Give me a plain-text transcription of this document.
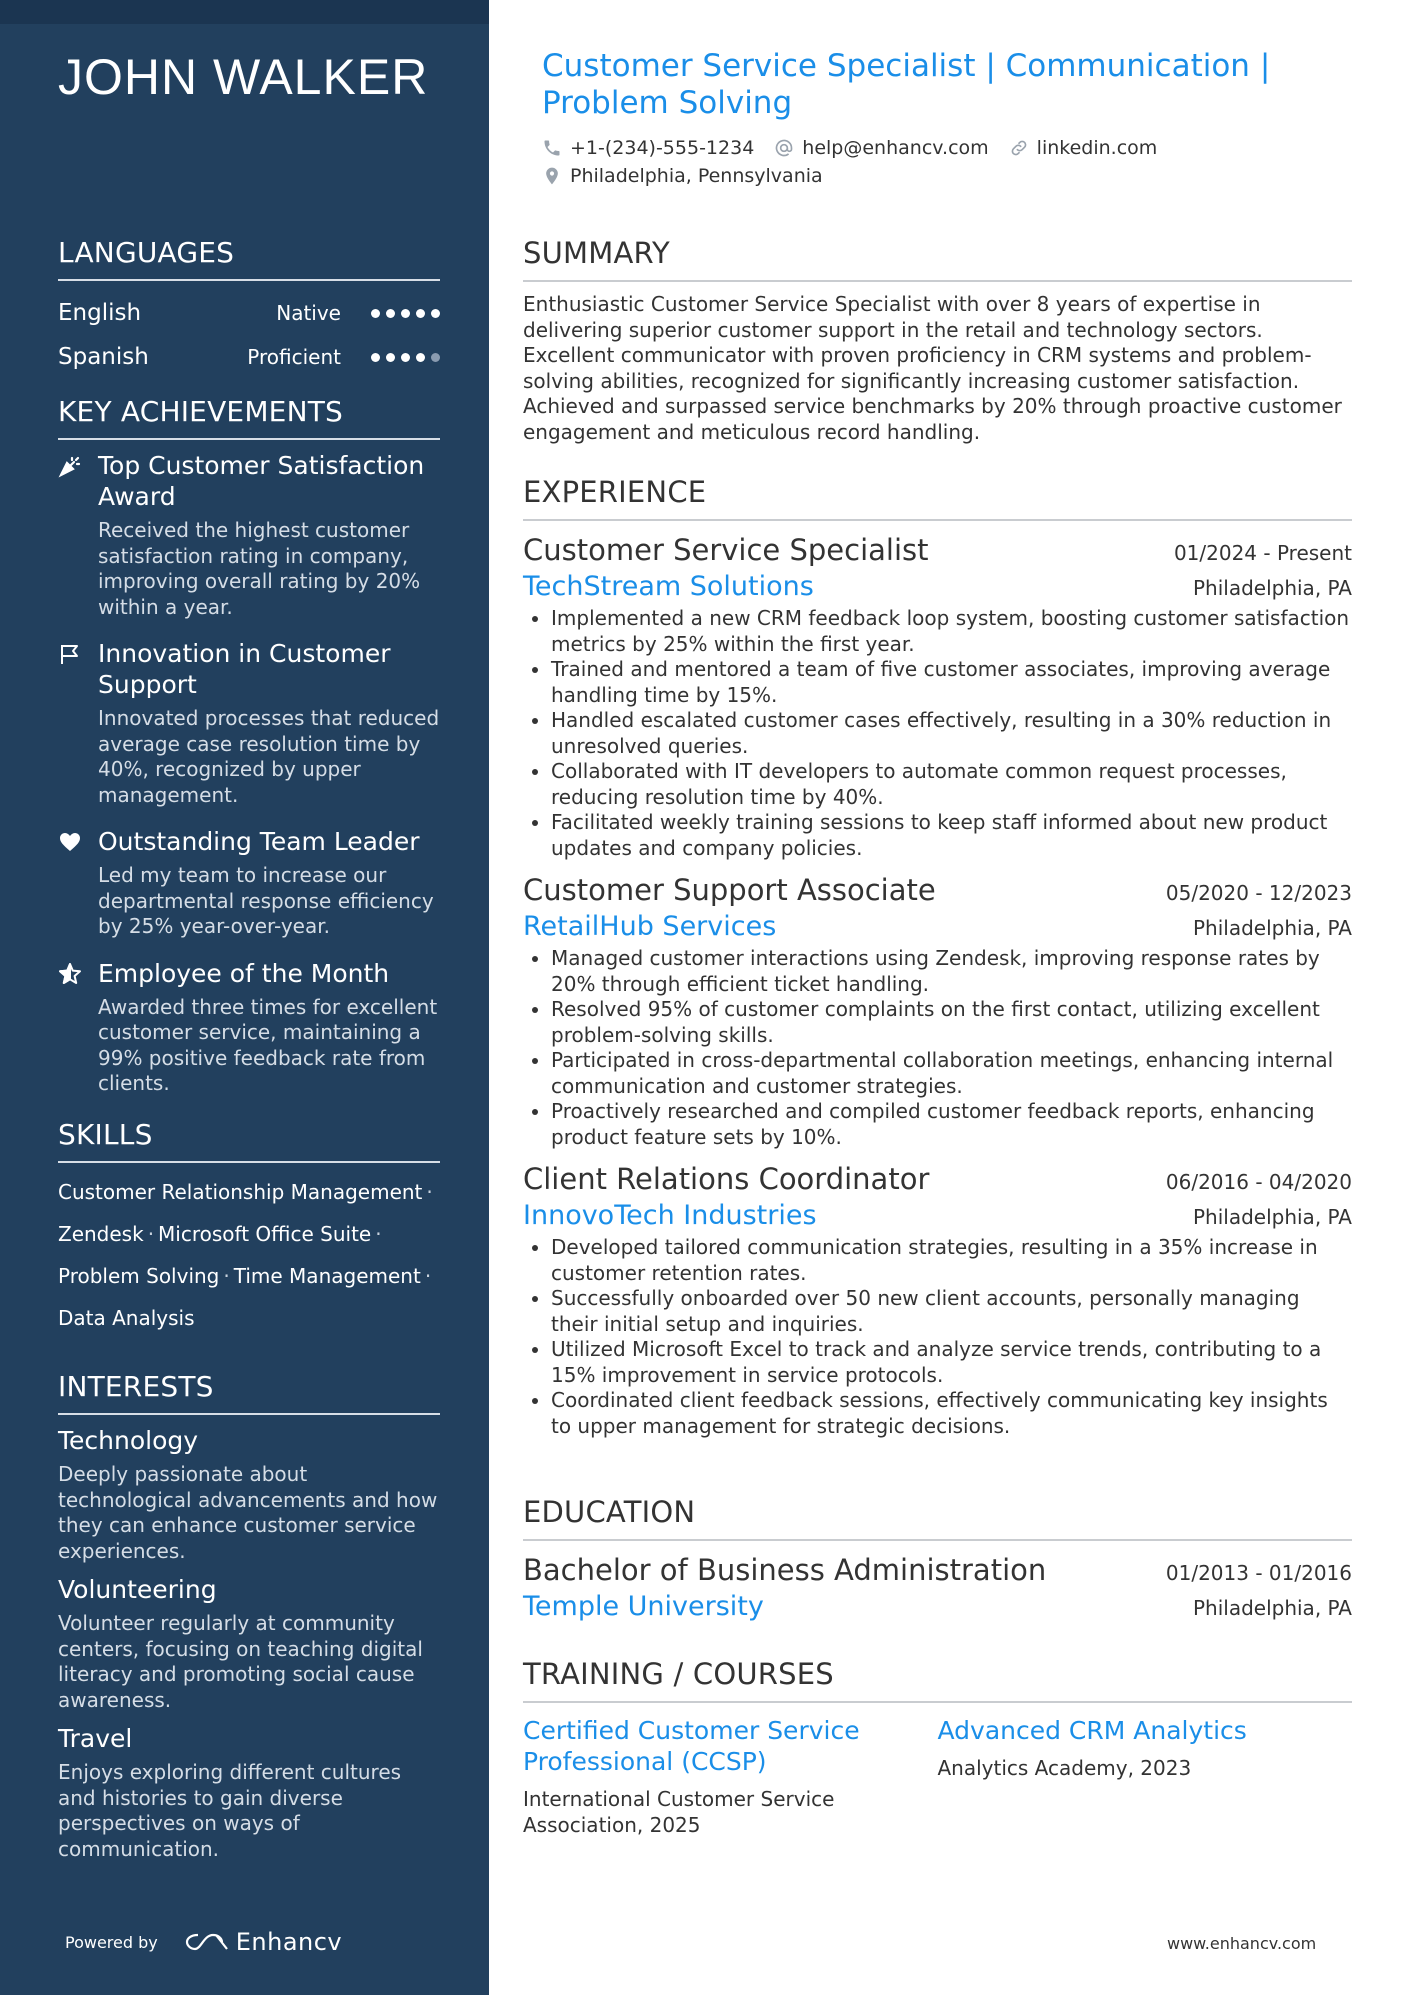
JOHN WALKER
LANGUAGES
English	Native
Spanish	Proficient
KEY ACHIEVEMENTS
Top Customer Satisfaction Award
Received the highest customer satisfaction rating in company, improving overall rating by 20% within a year.
Innovation in Customer Support
Innovated processes that reduced average case resolution time by 40%, recognized by upper management.
Outstanding Team Leader
Led my team to increase our departmental response efficiency by 25% year-over-year.
Employee of the Month
Awarded three times for excellent customer service, maintaining a 99% positive feedback rate from clients.
SKILLS
Customer Relationship Management ·
Zendesk · Microsoft Office Suite ·
Problem Solving · Time Management ·
Data Analysis
INTERESTS
Technology
Deeply passionate about technological advancements and how they can enhance customer service experiences.
Volunteering
Volunteer regularly at community centers, focusing on teaching digital literacy and promoting social cause awareness.
Travel
Enjoys exploring different cultures and histories to gain diverse perspectives on ways of communication.
Powered by	Enhancv
Customer Service Specialist | Communication | Problem Solving
+1-(234)-555-1234	help@enhancv.com	linkedin.com
Philadelphia, Pennsylvania
SUMMARY

Enthusiastic Customer Service Specialist with over 8 years of expertise in delivering superior customer support in the retail and technology sectors. Excellent communicator with proven proficiency in CRM systems and problem-solving abilities, recognized for significantly increasing customer satisfaction. Achieved and surpassed service benchmarks by 20% through proactive customer engagement and meticulous record handling.

EXPERIENCE
Customer Service Specialist	01/2024 - Present
TechStream Solutions	Philadelphia, PA
• Implemented a new CRM feedback loop system, boosting customer satisfaction metrics by 25% within the first year.
• Trained and mentored a team of five customer associates, improving average handling time by 15%.
• Handled escalated customer cases effectively, resulting in a 30% reduction in unresolved queries.
• Collaborated with IT developers to automate common request processes, reducing resolution time by 40%.
• Facilitated weekly training sessions to keep staff informed about new product updates and company policies.
Customer Support Associate	05/2020 - 12/2023
RetailHub Services	Philadelphia, PA
• Managed customer interactions using Zendesk, improving response rates by 20% through efficient ticket handling.
• Resolved 95% of customer complaints on the first contact, utilizing excellent problem-solving skills.
• Participated in cross-departmental collaboration meetings, enhancing internal communication and customer strategies.
• Proactively researched and compiled customer feedback reports, enhancing product feature sets by 10%.
Client Relations Coordinator	06/2016 - 04/2020
InnovoTech Industries	Philadelphia, PA
• Developed tailored communication strategies, resulting in a 35% increase in customer retention rates.
• Successfully onboarded over 50 new client accounts, personally managing their initial setup and inquiries.
• Utilized Microsoft Excel to track and analyze service trends, contributing to a 15% improvement in service protocols.
• Coordinated client feedback sessions, effectively communicating key insights to upper management for strategic decisions.
EDUCATION
Bachelor of Business Administration	01/2013 - 01/2016
Temple University	Philadelphia, PA
TRAINING / COURSES
Certified Customer Service Professional (CCSP)
International Customer Service Association, 2025
Advanced CRM Analytics
Analytics Academy, 2023
www.enhancv.com
